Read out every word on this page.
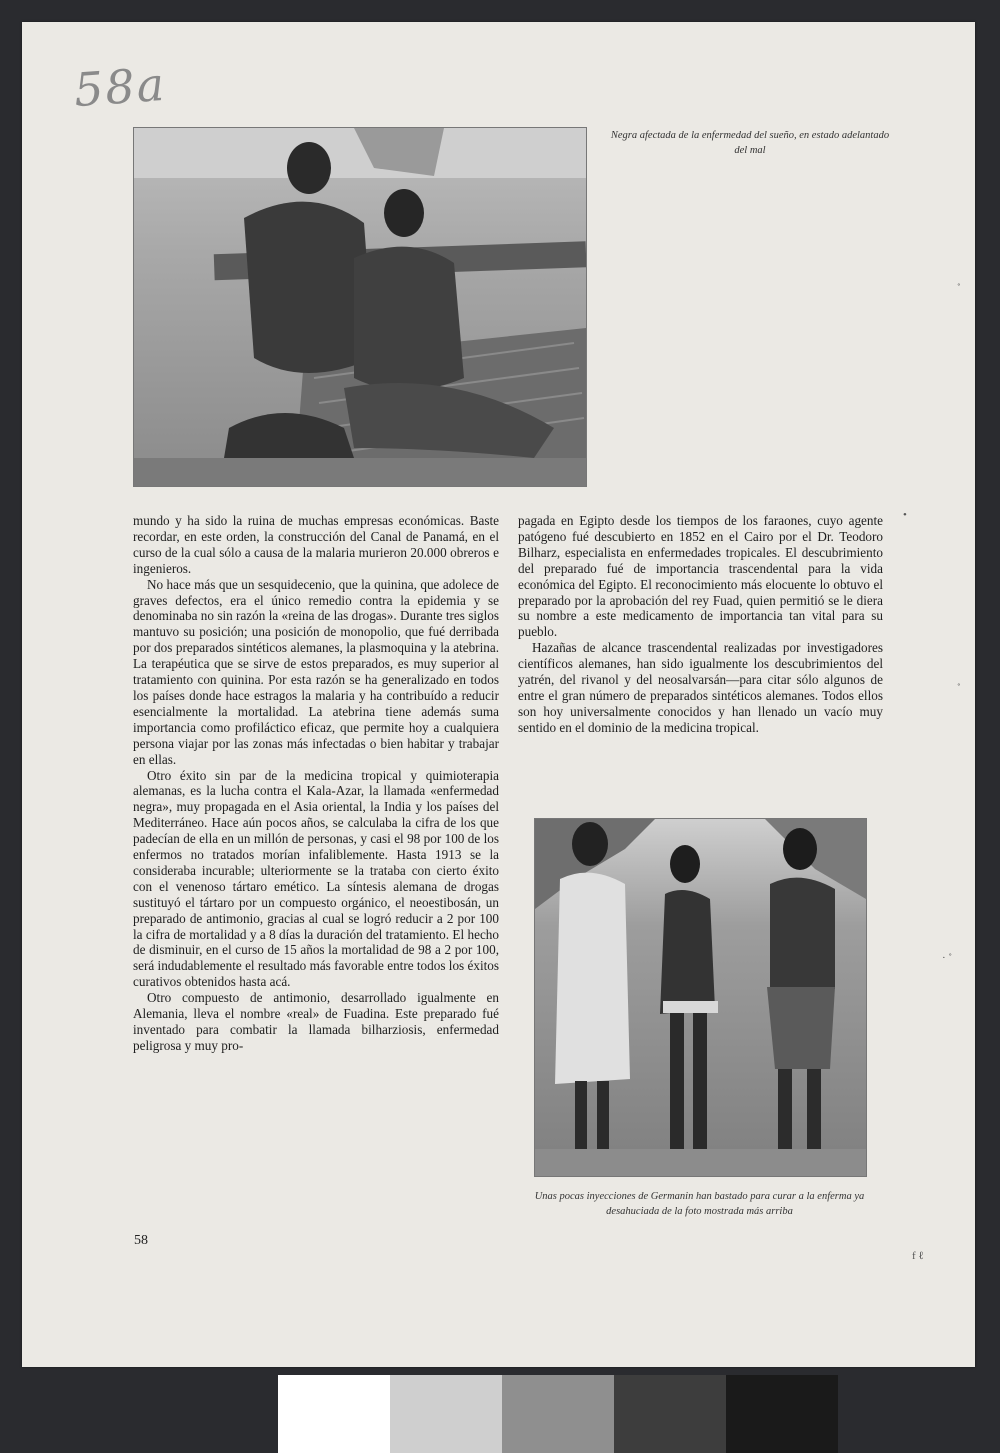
58a
Negra afectada de la enfermedad del sueño, en estado adelantado del mal

mundo y ha sido la ruina de muchas empresas económicas. Baste recordar, en este orden, la construcción del Canal de Panamá, en el curso de la cual sólo a causa de la malaria murieron 20.000 obreros e ingenieros.

No hace más que un sesquidecenio, que la quinina, que adolece de graves defectos, era el único remedio contra la epidemia y se denominaba no sin razón la «reina de las drogas». Durante tres siglos mantuvo su posición; una posición de monopolio, que fué derribada por dos preparados sintéticos alemanes, la plasmoquina y la atebrina. La terapéutica que se sirve de estos preparados, es muy superior al tratamiento con quinina. Por esta razón se ha generalizado en todos los países donde hace estragos la malaria y ha contribuído a reducir esencialmente la mortalidad. La atebrina tiene además suma importancia como profiláctico eficaz, que permite hoy a cualquiera persona viajar por las zonas más infectadas o bien habitar y trabajar en ellas.

Otro éxito sin par de la medicina tropical y quimioterapia alemanas, es la lucha contra el Kala-Azar, la llamada «enfermedad negra», muy propagada en el Asia oriental, la India y los países del Mediterráneo. Hace aún pocos años, se calculaba la cifra de los que padecían de ella en un millón de personas, y casi el 98 por 100 de los enfermos no tratados morían infaliblemente. Hasta 1913 se la consideraba incurable; ulteriormente se la trataba con cierto éxito con el venenoso tártaro emético. La síntesis alemana de drogas sustituyó el tártaro por un compuesto orgánico, el neoestibosán, un preparado de antimonio, gracias al cual se logró reducir a 2 por 100 la cifra de mortalidad y a 8 días la duración del tratamiento. El hecho de disminuir, en el curso de 15 años la mortalidad de 98 a 2 por 100, será indudablemente el resultado más favorable entre todos los éxitos curativos obtenidos hasta acá.

Otro compuesto de antimonio, desarrollado igualmente en Alemania, lleva el nombre «real» de Fuadina. Este preparado fué inventado para combatir la llamada bilharziosis, enfermedad peligrosa y muy pro-

pagada en Egipto desde los tiempos de los faraones, cuyo agente patógeno fué descubierto en 1852 en el Cairo por el Dr. Teodoro Bilharz, especialista en enfermedades tropicales. El descubrimiento del preparado fué de importancia trascendental para la vida económica del Egipto. El reconocimiento más elocuente lo obtuvo el preparado por la aprobación del rey Fuad, quien permitió se le diera su nombre a este medicamento de importancia tan vital para su pueblo.

Hazañas de alcance trascendental realizadas por investigadores científicos alemanes, han sido igualmente los descubrimientos del yatrén, del rivanol y del neosalvarsán—para citar sólo algunos de entre el gran número de preparados sintéticos alemanes. Todos ellos son hoy universalmente conocidos y han llenado un vacío muy sentido en el dominio de la medicina tropical.

Unas pocas inyecciones de Germanin han bastado para curar a la enferma ya desahuciada de la foto mostrada más arriba
58
˚
•
˚
· ˚
f ℓ
